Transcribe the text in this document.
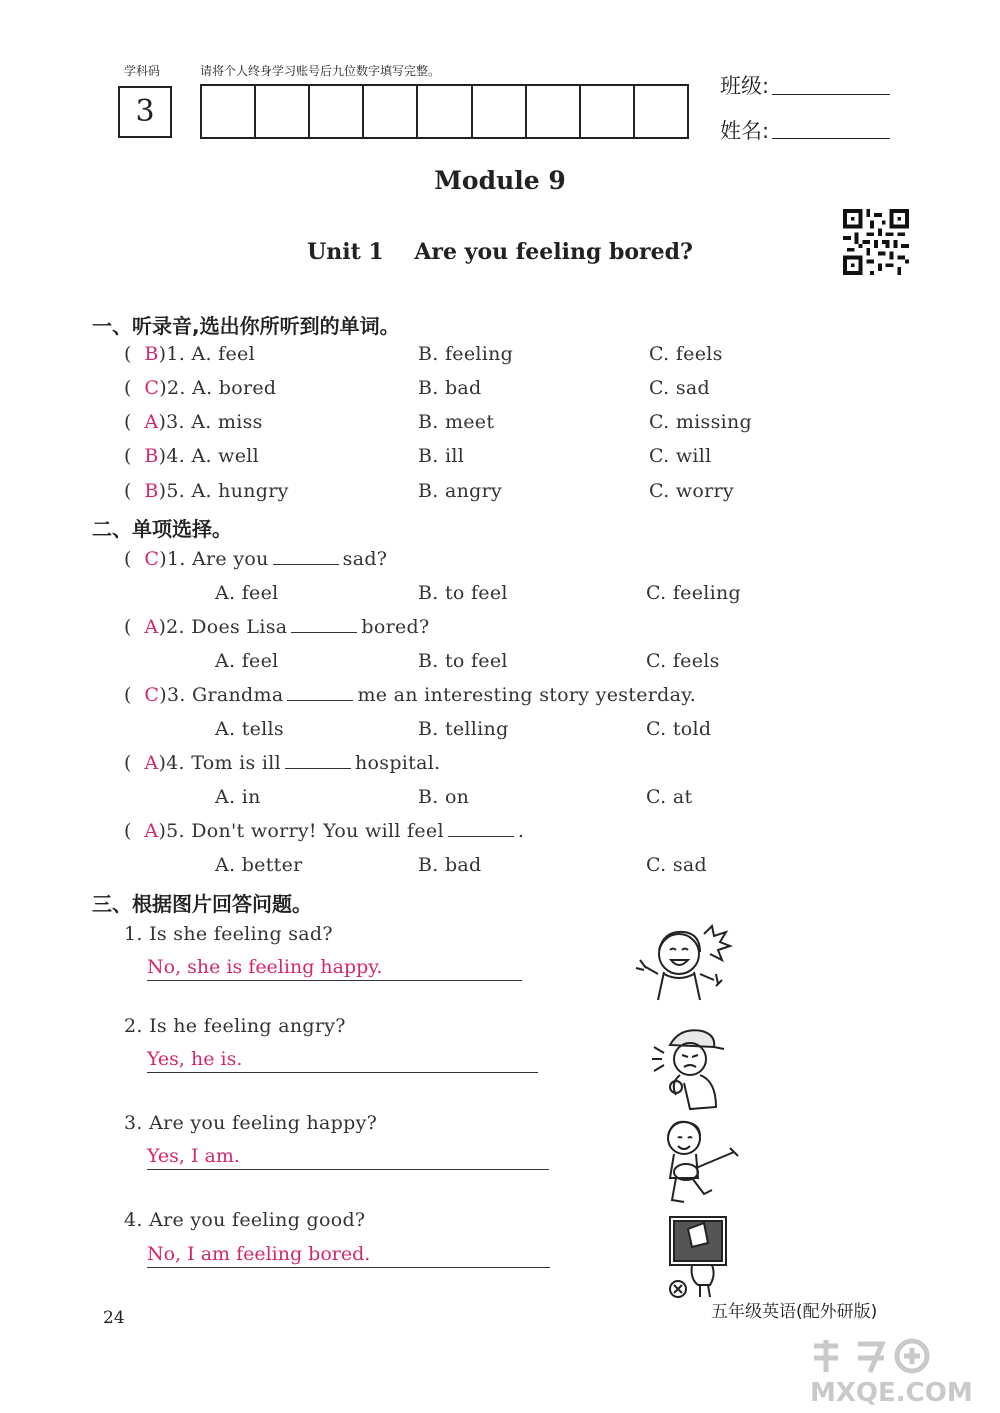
学科码	请将个人终身学习账号后九位数字填写完整。
3
班级:
姓名:
Module 9
Unit 1    Are you feeling bored?
一、听录音,选出你所听到的单词。
(  B)1. A. feel	B. feeling	C. feels
(  C)2. A. bored	B. bad	C. sad
(  A)3. A. miss	B. meet	C. missing
(  B)4. A. well	B. ill	C. will
(  B)5. A. hungry	B. angry	C. worry
二、单项选择。
(  C)1. Are you	sad?
A. feel	B. to feel	C. feeling
(  A)2. Does Lisa	bored?
A. feel	B. to feel	C. feels
(  C)3. Grandma	me an interesting story yesterday.
A. tells	B. telling	C. told
(  A)4. Tom is ill	hospital.
A. in	B. on	C. at
(  A)5. Don't worry! You will feel	.
A. better	B. bad	C. sad
三、根据图片回答问题。
1. Is she feeling sad?
No, she is feeling happy.
2. Is he feeling angry?
Yes, he is.
3. Are you feeling happy?
Yes, I am.
4. Are you feeling good?
No, I am feeling bored.
24	五年级英语(配外研版)
MXQE.COM
